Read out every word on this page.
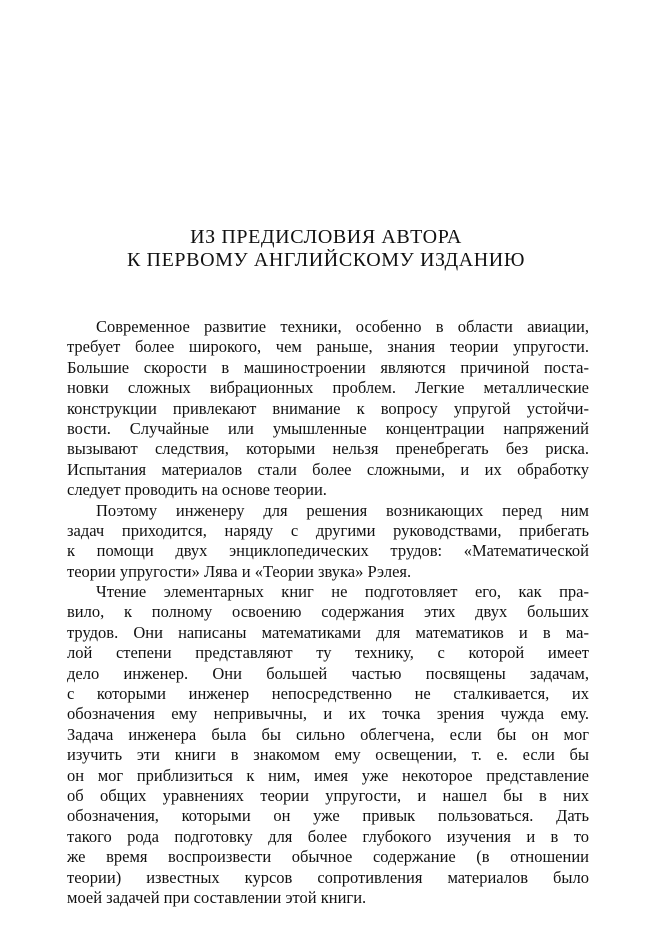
ИЗ ПРЕДИСЛОВИЯ АВТОРА
К ПЕРВОМУ АНГЛИЙСКОМУ ИЗДАНИЮ
Современное развитие техники, особенно в области авиации,
требует более широкого, чем раньше, знания теории упругости.
Большие скорости в машиностроении являются причиной поста-
новки сложных вибрационных проблем. Легкие металлические
конструкции привлекают внимание к вопросу упругой устойчи-
вости. Случайные или умышленные концентрации напряжений
вызывают следствия, которыми нельзя пренебрегать без риска.
Испытания материалов стали более сложными, и их обработку
следует проводить на основе теории.
Поэтому инженеру для решения возникающих перед ним
задач приходится, наряду с другими руководствами, прибегать
к помощи двух энциклопедических трудов: «Математической
теории упругости» Лява и «Теории звука» Рэлея.
Чтение элементарных книг не подготовляет его, как пра-
вило, к полному освоению содержания этих двух больших
трудов. Они написаны математиками для математиков и в ма-
лой степени представляют ту технику, с которой имеет
дело инженер. Они большей частью посвящены задачам,
с которыми инженер непосредственно не сталкивается, их
обозначения ему непривычны, и их точка зрения чужда ему.
Задача инженера была бы сильно облегчена, если бы он мог
изучить эти книги в знакомом ему освещении, т. е. если бы
он мог приблизиться к ним, имея уже некоторое представление
об общих уравнениях теории упругости, и нашел бы в них
обозначения, которыми он уже привык пользоваться. Дать
такого рода подготовку для более глубокого изучения и в то
же время воспроизвести обычное содержание (в отношении
теории) известных курсов сопротивления материалов было
моей задачей при составлении этой книги.
